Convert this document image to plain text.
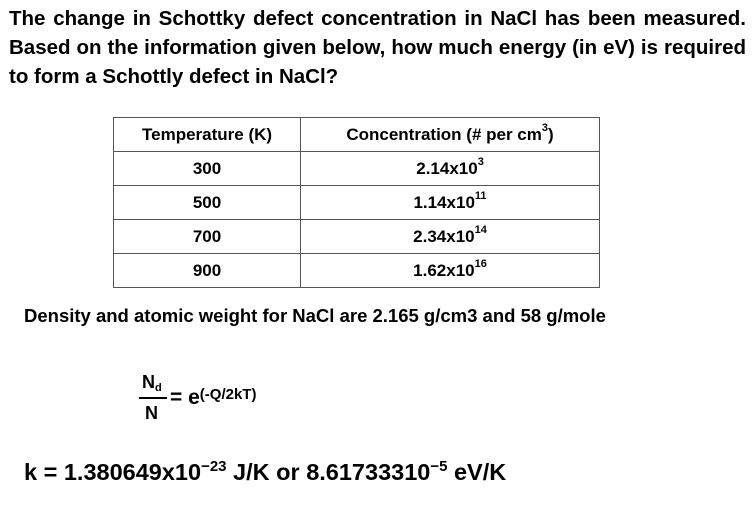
The change in Schottky defect concentration in NaCl has been measured. Based on the information given below, how much energy (in eV) is required to form a Schottly defect in NaCl?
Temperature (K)	Concentration (# per $cm^3$)
300	$2.14x10^3$
500	$1.14x10^{11}$
700	$2.34x10^{14}$
900	$1.62x10^{16}$
Density and atomic weight for NaCl are 2.165 g/cm3 and 58 g/mole
$N_d$
N
= $e^{(-Q/2kT)}$
$k = 1.380649x10^{-23}$ J/K or $8.61733310^{-5}$ eV/K
